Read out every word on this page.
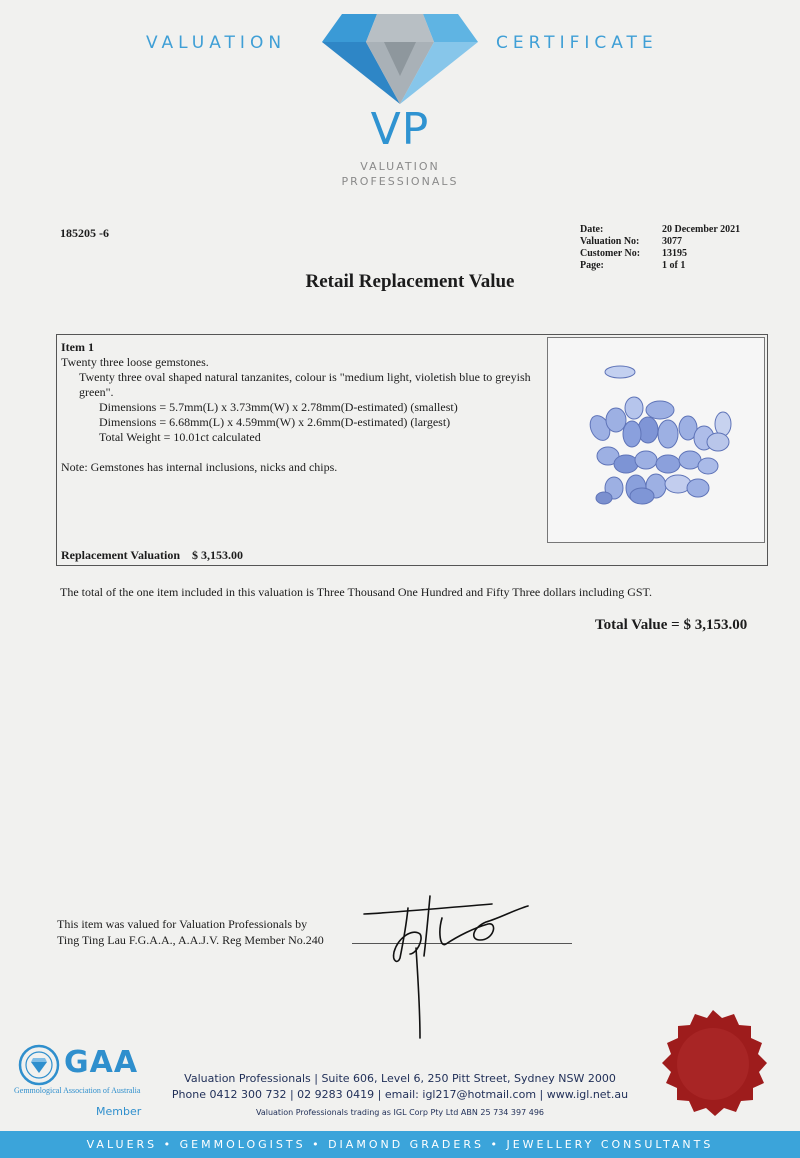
VALUATION	CERTIFICATE
VP
VALUATION
PROFESSIONALS
185205 -6	Date:	20 December 2021
Valuation No:	3077
Customer No:	13195
Page:	1 of 1
Retail Replacement Value
Item 1
Twenty three loose gemstones.
Twenty three oval shaped natural tanzanites, colour is "medium light, violetish blue to greyish green".
Dimensions = 5.7mm(L) x 3.73mm(W) x 2.78mm(D-estimated) (smallest)
Dimensions = 6.68mm(L) x 4.59mm(W) x 2.6mm(D-estimated) (largest)
Total Weight = 10.01ct calculated
Note: Gemstones has internal inclusions, nicks and chips.
Replacement Valuation $ 3,153.00
The total of the one item included in this valuation is Three Thousand One Hundred and Fifty Three dollars including GST.
Total Value = $ 3,153.00
This item was valued for Valuation Professionals by
Ting Ting Lau F.G.A.A., A.A.J.V. Reg Member No.240
GAA
Gemmological Association of Australia
Member
Valuation Professionals | Suite 606, Level 6, 250 Pitt Street, Sydney NSW 2000
Phone 0412 300 732 | 02 9283 0419 | email: igl217@hotmail.com | www.igl.net.au
Valuation Professionals trading as IGL Corp Pty Ltd ABN 25 734 397 496
VALUERS • GEMMOLOGISTS • DIAMOND GRADERS • JEWELLERY CONSULTANTS
